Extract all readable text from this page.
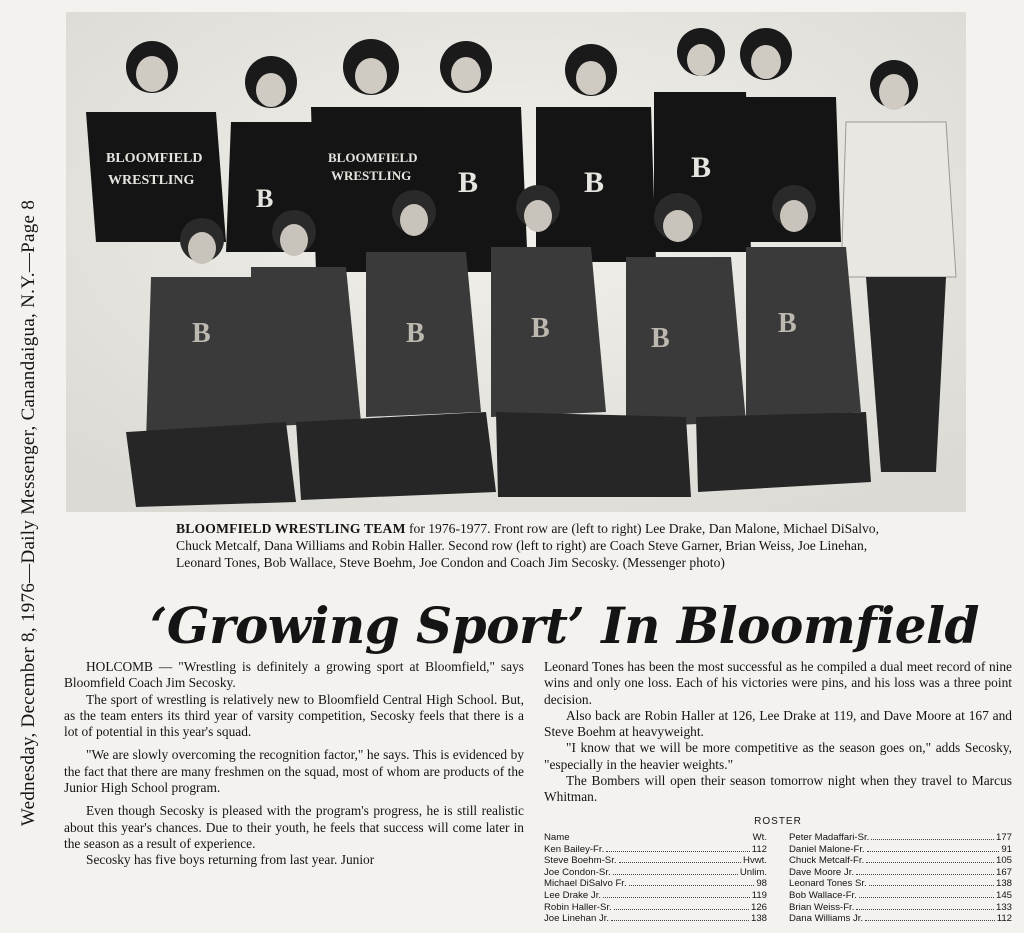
Wednesday, December 8, 1976—Daily Messenger, Canandaigua, N.Y.—Page 8
BLOOMFIELD
WRESTLING
BLOOMFIELD
WRESTLING
B	B	B	B
B	B	B	B	B
BLOOMFIELD WRESTLING TEAM for 1976-1977. Front row are (left to right) Lee Drake, Dan Malone, Michael DiSalvo, Chuck Metcalf, Dana Williams and Robin Haller. Second row (left to right) are Coach Steve Garner, Brian Weiss, Joe Linehan, Leonard Tones, Bob Wallace, Steve Boehm, Joe Condon and Coach Jim Secosky. (Messenger photo)
‘Growing Sport’ In Bloomfield

HOLCOMB — "Wrestling is definitely a growing sport at Bloomfield," says Bloomfield Coach Jim Secosky.

The sport of wrestling is relatively new to Bloomfield Central High School. But, as the team enters its third year of varsity competition, Secosky feels that there is a lot of potential in this year's squad.

"We are slowly overcoming the recognition factor," he says. This is evidenced by the fact that there are many freshmen on the squad, most of whom are products of the Junior High School program.

Even though Secosky is pleased with the program's progress, he is still realistic about this year's chances. Due to their youth, he feels that success will come later in the season as a result of experience.

Secosky has five boys returning from last year. Junior

Leonard Tones has been the most successful as he compiled a dual meet record of nine wins and only one loss. Each of his victories were pins, and his loss was a three point decision.

Also back are Robin Haller at 126, Lee Drake at 119, and Dave Moore at 167 and Steve Boehm at heavyweight.

"I know that we will be more competitive as the season goes on," adds Secosky, "especially in the heavier weights."

The Bombers will open their season tomorrow night when they travel to Marcus Whitman.

ROSTER
Name	Wt.
Ken Bailey-Fr.	112
Steve Boehm-Sr.	Hvwt.
Joe Condon-Sr.	Unlim.
Michael DiSalvo Fr.	98
Lee Drake Jr.	119
Robin Haller-Sr.	126
Joe Linehan Jr.	138
Peter Madaffari-Sr.	177
Daniel Malone-Fr.	91
Chuck Metcalf-Fr.	105
Dave Moore Jr.	167
Leonard Tones Sr.	138
Bob Wallace-Fr.	145
Brian Weiss-Fr.	133
Dana Williams Jr.	112
